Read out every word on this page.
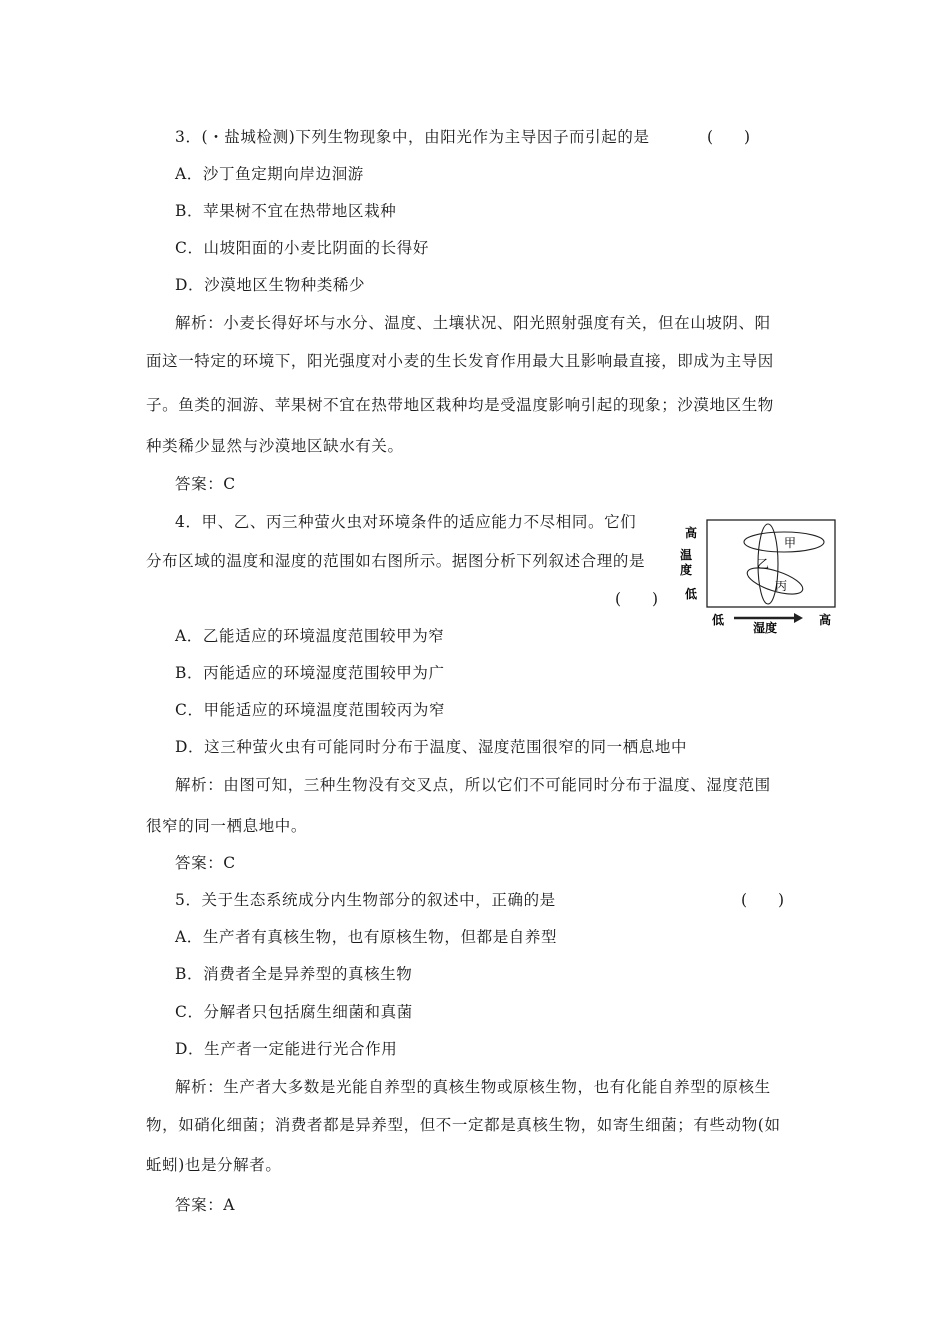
3．(・盐城检测)下列生物现象中，由阳光作为主导因子而引起的是	(　　)
A．沙丁鱼定期向岸边洄游
B．苹果树不宜在热带地区栽种
C．山坡阳面的小麦比阴面的长得好
D．沙漠地区生物种类稀少
解析：小麦长得好坏与水分、温度、土壤状况、阳光照射强度有关，但在山坡阴、阳
面这一特定的环境下，阳光强度对小麦的生长发育作用最大且影响最直接，即成为主导因
子。鱼类的洄游、苹果树不宜在热带地区栽种均是受温度影响引起的现象；沙漠地区生物
种类稀少显然与沙漠地区缺水有关。
答案：C
4．甲、乙、丙三种萤火虫对环境条件的适应能力不尽相同。它们
分布区域的温度和湿度的范围如右图所示。据图分析下列叙述合理的是
(　　)
高
温
度
低
低
湿度
高
甲
乙
丙
A．乙能适应的环境温度范围较甲为窄
B．丙能适应的环境湿度范围较甲为广
C．甲能适应的环境温度范围较丙为窄
D．这三种萤火虫有可能同时分布于温度、湿度范围很窄的同一栖息地中
解析：由图可知，三种生物没有交叉点，所以它们不可能同时分布于温度、湿度范围
很窄的同一栖息地中。
答案：C
5．关于生态系统成分内生物部分的叙述中，正确的是	(　　)
A．生产者有真核生物，也有原核生物，但都是自养型
B．消费者全是异养型的真核生物
C．分解者只包括腐生细菌和真菌
D．生产者一定能进行光合作用
解析：生产者大多数是光能自养型的真核生物或原核生物，也有化能自养型的原核生
物，如硝化细菌；消费者都是异养型，但不一定都是真核生物，如寄生细菌；有些动物(如
蚯蚓)也是分解者。
答案：A
